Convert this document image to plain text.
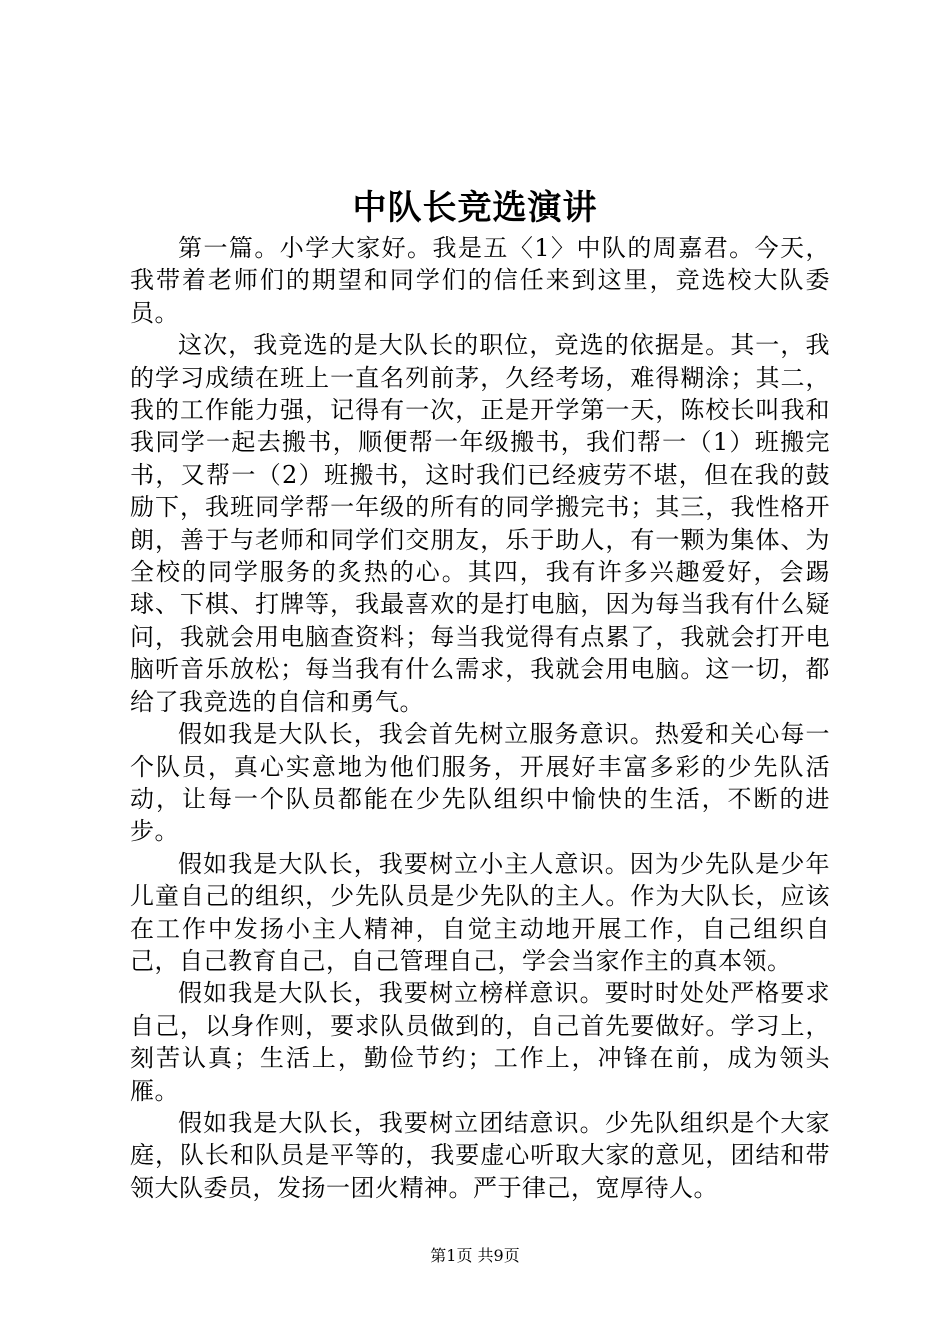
中队长竞选演讲

第一篇。小学大家好。我是五〈1〉中队的周嘉君。今天，我带着老师们的期望和同学们的信任来到这里，竞选校大队委员。

这次，我竞选的是大队长的职位，竞选的依据是。其一，我的学习成绩在班上一直名列前茅，久经考场，难得糊涂；其二，我的工作能力强，记得有一次，正是开学第一天，陈校长叫我和我同学一起去搬书，顺便帮一年级搬书，我们帮一（1）班搬完书，又帮一（2）班搬书，这时我们已经疲劳不堪，但在我的鼓励下，我班同学帮一年级的所有的同学搬完书；其三，我性格开朗，善于与老师和同学们交朋友，乐于助人，有一颗为集体、为全校的同学服务的炙热的心。其四，我有许多兴趣爱好，会踢球、下棋、打牌等，我最喜欢的是打电脑，因为每当我有什么疑问，我就会用电脑查资料；每当我觉得有点累了，我就会打开电脑听音乐放松；每当我有什么需求，我就会用电脑。这一切，都给了我竞选的自信和勇气。

假如我是大队长，我会首先树立服务意识。热爱和关心每一个队员，真心实意地为他们服务，开展好丰富多彩的少先队活动，让每一个队员都能在少先队组织中愉快的生活，不断的进步。

假如我是大队长，我要树立小主人意识。因为少先队是少年儿童自己的组织，少先队员是少先队的主人。作为大队长，应该在工作中发扬小主人精神，自觉主动地开展工作，自己组织自己，自己教育自己，自己管理自己，学会当家作主的真本领。

假如我是大队长，我要树立榜样意识。要时时处处严格要求自己，以身作则，要求队员做到的，自己首先要做好。学习上，刻苦认真；生活上，勤俭节约；工作上，冲锋在前，成为领头雁。

假如我是大队长，我要树立团结意识。少先队组织是个大家庭，队长和队员是平等的，我要虚心听取大家的意见，团结和带领大队委员，发扬一团火精神。严于律己，宽厚待人。

第1页 共9页
